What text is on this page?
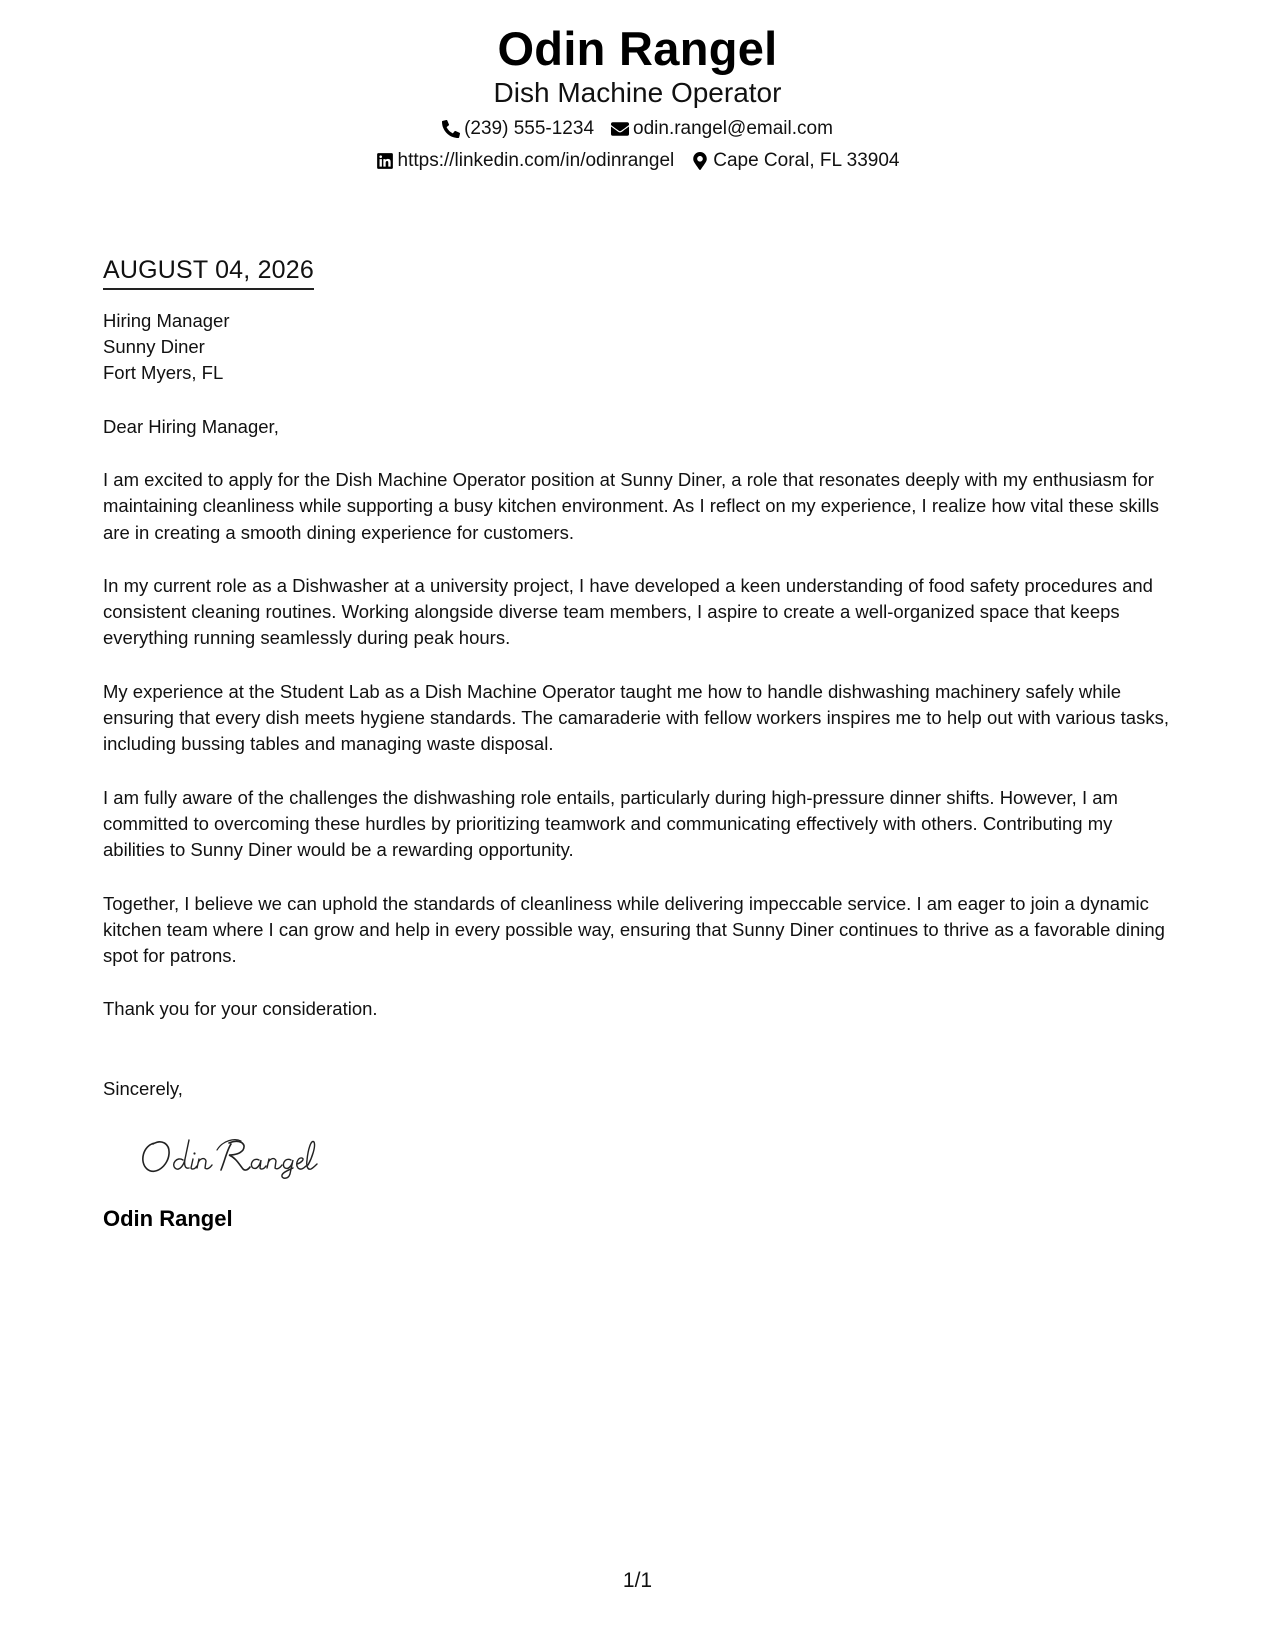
Odin Rangel
Dish Machine Operator
(239) 555-1234 odin.rangel@email.com
https://linkedin.com/in/odinrangel Cape Coral, FL 33904
AUGUST 04, 2026
Hiring Manager
Sunny Diner
Fort Myers, FL
Dear Hiring Manager,
I am excited to apply for the Dish Machine Operator position at Sunny Diner, a role that resonates deeply with my enthusiasm for maintaining cleanliness while supporting a busy kitchen environment. As I reflect on my experience, I realize how vital these skills are in creating a smooth dining experience for customers.
In my current role as a Dishwasher at a university project, I have developed a keen understanding of food safety procedures and consistent cleaning routines. Working alongside diverse team members, I aspire to create a well-organized space that keeps everything running seamlessly during peak hours.
My experience at the Student Lab as a Dish Machine Operator taught me how to handle dishwashing machinery safely while ensuring that every dish meets hygiene standards. The camaraderie with fellow workers inspires me to help out with various tasks, including bussing tables and managing waste disposal.
I am fully aware of the challenges the dishwashing role entails, particularly during high-pressure dinner shifts. However, I am committed to overcoming these hurdles by prioritizing teamwork and communicating effectively with others. Contributing my abilities to Sunny Diner would be a rewarding opportunity.
Together, I believe we can uphold the standards of cleanliness while delivering impeccable service. I am eager to join a dynamic kitchen team where I can grow and help in every possible way, ensuring that Sunny Diner continues to thrive as a favorable dining spot for patrons.
Thank you for your consideration.
Sincerely,
Odin Rangel
1/1
